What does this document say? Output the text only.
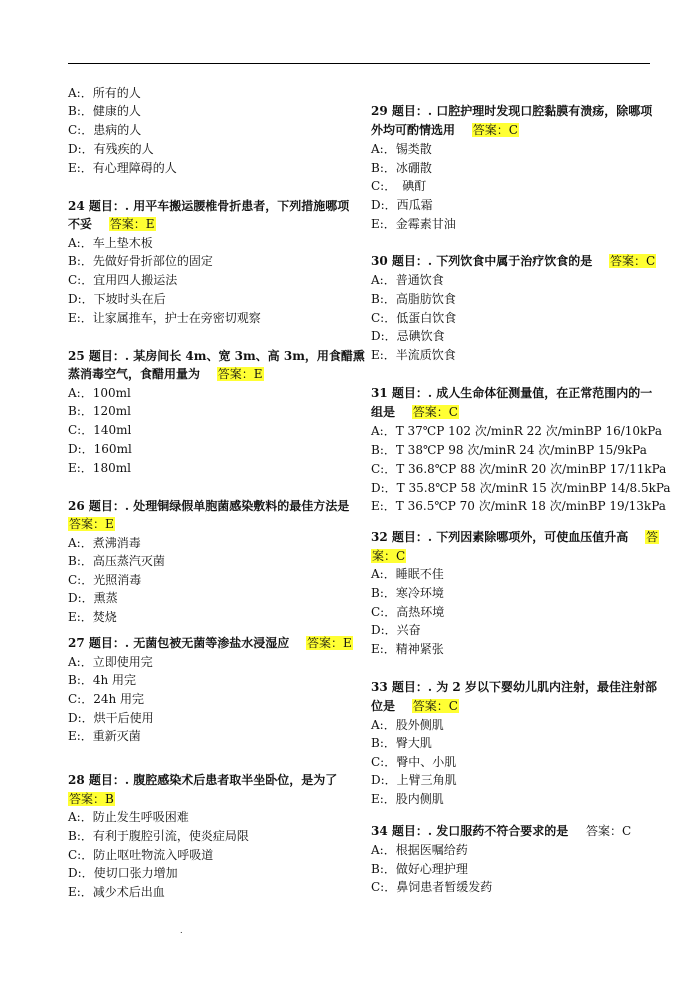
A:．所有的人
B:．健康的人
C:．患病的人
D:．有残疾的人
E:．有心理障碍的人
24 题目：. 用平车搬运腰椎骨折患者，下列措施哪项
不妥 答案：E
A:．车上垫木板
B:．先做好骨折部位的固定
C:．宜用四人搬运法
D:．下坡时头在后
E:．让家属推车，护士在旁密切观察
25 题目：. 某房间长 4m、宽 3m、高 3m，用食醋熏
蒸消毒空气，食醋用量为 答案：E
A:．100ml
B:．120ml
C:．140ml
D:．160ml
E:．180ml
26 题目：. 处理铜绿假单胞菌感染敷料的最佳方法是
答案：E
A:．煮沸消毒
B:．高压蒸汽灭菌
C:．光照消毒
D:．熏蒸
E:．焚烧
27 题目：. 无菌包被无菌等渗盐水浸湿应 答案：E
A:．立即使用完
B:．4h 用完
C:．24h 用完
D:．烘干后使用
E:．重新灭菌
28 题目：. 腹腔感染术后患者取半坐卧位，是为了
答案：B
A:．防止发生呼吸困难
B:．有利于腹腔引流，使炎症局限
C:．防止呕吐物流入呼吸道
D:．使切口张力增加
E:．减少术后出血
29 题目：. 口腔护理时发现口腔黏膜有溃疡，除哪项
外均可酌情选用 答案：C
A:．锡类散
B:．冰硼散
C:．　碘酊
D:．西瓜霜
E:．金霉素甘油
30 题目：. 下列饮食中属于治疗饮食的是 答案：C
A:．普通饮食
B:．高脂肪饮食
C:．低蛋白饮食
D:．忌碘饮食
E:．半流质饮食
31 题目：. 成人生命体征测量值，在正常范围内的一
组是 答案：C
A:．T 37℃P 102 次/minR 22 次/minBP 16/10kPa
B:．T 38℃P 98 次/minR 24 次/minBP 15/9kPa
C:．T 36.8℃P 88 次/minR 20 次/minBP 17/11kPa
D:．T 35.8℃P 58 次/minR 15 次/minBP 14/8.5kPa
E:．T 36.5℃P 70 次/minR 18 次/minBP 19/13kPa
32 题目：. 下列因素除哪项外，可使血压值升高 答
案：C
A:．睡眠不佳
B:．寒冷环境
C:．高热环境
D:．兴奋
E:．精神紧张
33 题目：. 为 2 岁以下婴幼儿肌内注射，最佳注射部
位是 答案：C
A:．股外侧肌
B:．臀大肌
C:．臀中、小肌
D:．上臂三角肌
E:．股内侧肌
34 题目：. 发口服药不符合要求的是 答案：C
A:．根据医嘱给药
B:．做好心理护理
C:．鼻饲患者暂缓发药
.
